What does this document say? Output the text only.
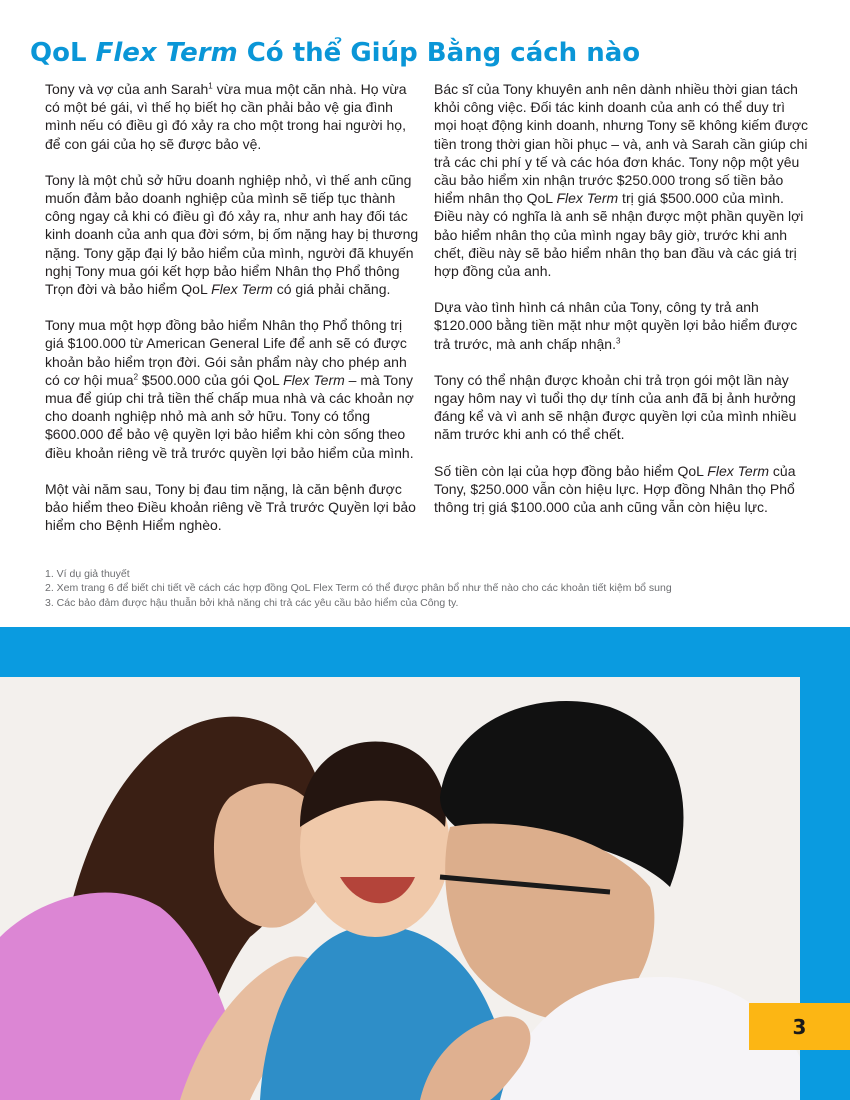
QoL Flex Term Có thể Giúp Bằng cách nào

Tony và vợ của anh Sarah$^1$ vừa mua một căn nhà. Họ vừa có một bé gái, vì thế họ biết họ cần phải bảo vệ gia đình mình nếu có điều gì đó xảy ra cho một trong hai người họ, để con gái của họ sẽ được bảo vệ.

Tony là một chủ sở hữu doanh nghiệp nhỏ, vì thế anh cũng muốn đảm bảo doanh nghiệp của mình sẽ tiếp tục thành công ngay cả khi có điều gì đó xảy ra, như anh hay đối tác kinh doanh của anh qua đời sớm, bị ốm nặng hay bị thương nặng. Tony gặp đại lý bảo hiểm của mình, người đã khuyến nghị Tony mua gói kết hợp bảo hiểm Nhân thọ Phổ thông Trọn đời và bảo hiểm QoL Flex Term có giá phải chăng.

Tony mua một hợp đồng bảo hiểm Nhân thọ Phổ thông trị giá $100.000 từ American General Life để anh sẽ có được khoản bảo hiểm trọn đời. Gói sản phẩm này cho phép anh có cơ hội mua$^2$ $500.000 của gói QoL Flex Term – mà Tony mua để giúp chi trả tiền thế chấp mua nhà và các khoản nợ cho doanh nghiệp nhỏ mà anh sở hữu. Tony có tổng $600.000 để bảo vệ quyền lợi bảo hiểm khi còn sống theo điều khoản riêng về trả trước quyền lợi bảo hiểm của mình.

Một vài năm sau, Tony bị đau tim nặng, là căn bệnh được bảo hiểm theo Điều khoản riêng về Trả trước Quyền lợi bảo hiểm cho Bệnh Hiểm nghèo.

Bác sĩ của Tony khuyên anh nên dành nhiều thời gian tách khỏi công việc. Đối tác kinh doanh của anh có thể duy trì mọi hoạt động kinh doanh, nhưng Tony sẽ không kiếm được tiền trong thời gian hồi phục – và, anh và Sarah cần giúp chi trả các chi phí y tế và các hóa đơn khác. Tony nộp một yêu cầu bảo hiểm xin nhận trước $250.000 trong số tiền bảo hiểm nhân thọ QoL Flex Term trị giá $500.000 của mình. Điều này có nghĩa là anh sẽ nhận được một phần quyền lợi bảo hiểm nhân thọ của mình ngay bây giờ, trước khi anh chết, điều này sẽ bảo hiểm nhân thọ ban đầu và các giá trị hợp đồng của anh.

Dựa vào tình hình cá nhân của Tony, công ty trả anh $120.000 bằng tiền mặt như một quyền lợi bảo hiểm được trả trước, mà anh chấp nhận.$^3$

Tony có thể nhận được khoản chi trả trọn gói một lần này ngay hôm nay vì tuổi thọ dự tính của anh đã bị ảnh hưởng đáng kể và vì anh sẽ nhận được quyền lợi của mình nhiều năm trước khi anh có thể chết.

Số tiền còn lại của hợp đồng bảo hiểm QoL Flex Term của Tony, $250.000 vẫn còn hiệu lực. Hợp đồng Nhân thọ Phổ thông trị giá $100.000 của anh cũng vẫn còn hiệu lực.

1. Ví dụ giả thuyết
2. Xem trang 6 để biết chi tiết về cách các hợp đồng QoL Flex Term có thể được phân bổ như thế nào cho các khoản tiết kiệm bổ sung
3. Các bảo đảm được hậu thuẫn bởi khả năng chi trả các yêu cầu bảo hiểm của Công ty.
3
